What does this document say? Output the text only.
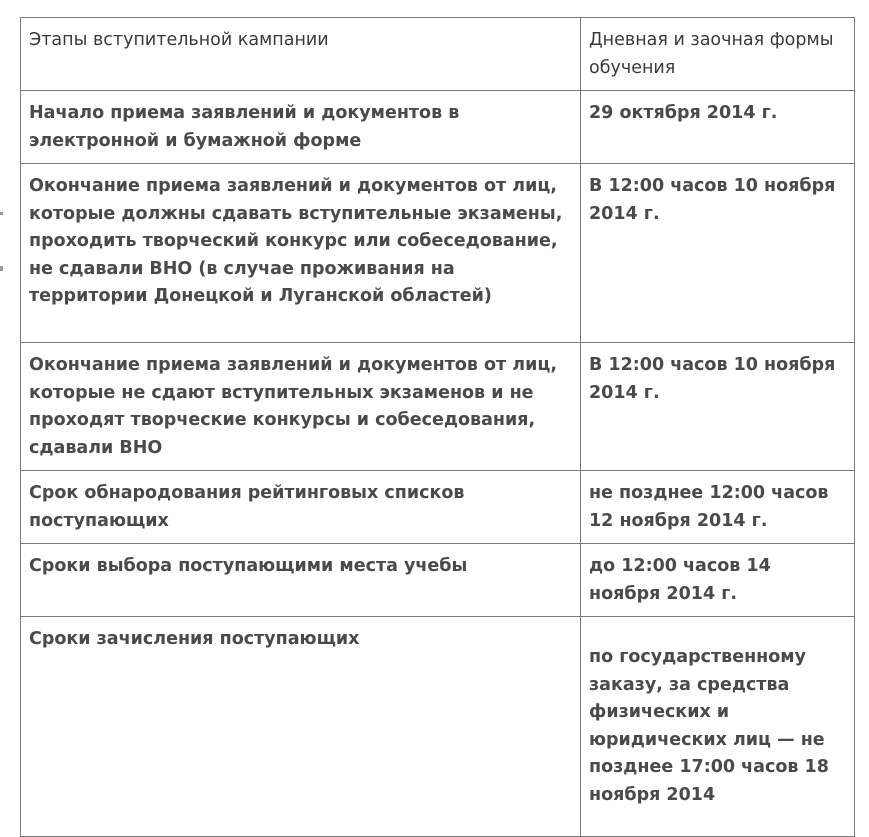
Этапы вступительной кампании	Дневная и заочная формы обучения
Начало приема заявлений и документов в электронной и бумажной форме	29 октября 2014 г.
Окончание приема заявлений и документов от лиц, которые должны сдавать вступительные экзамены, проходить творческий конкурс или собеседование, не сдавали ВНО (в случае проживания на территории Донецкой и Луганской областей)	В 12:00 часов 10 ноября 2014 г.
Окончание приема заявлений и документов от лиц, которые не сдают вступительных экзаменов и не проходят творческие конкурсы и собеседования, сдавали ВНО	В 12:00 часов 10 ноября 2014 г.
Срок обнародования рейтинговых списков поступающих	не позднее 12:00 часов 12 ноября 2014 г.
Сроки выбора поступающими места учебы	до 12:00 часов 14 ноября 2014 г.
Сроки зачисления поступающих	по государственному заказу, за средства физических и юридических лиц — не позднее 17:00 часов 18 ноября 2014
